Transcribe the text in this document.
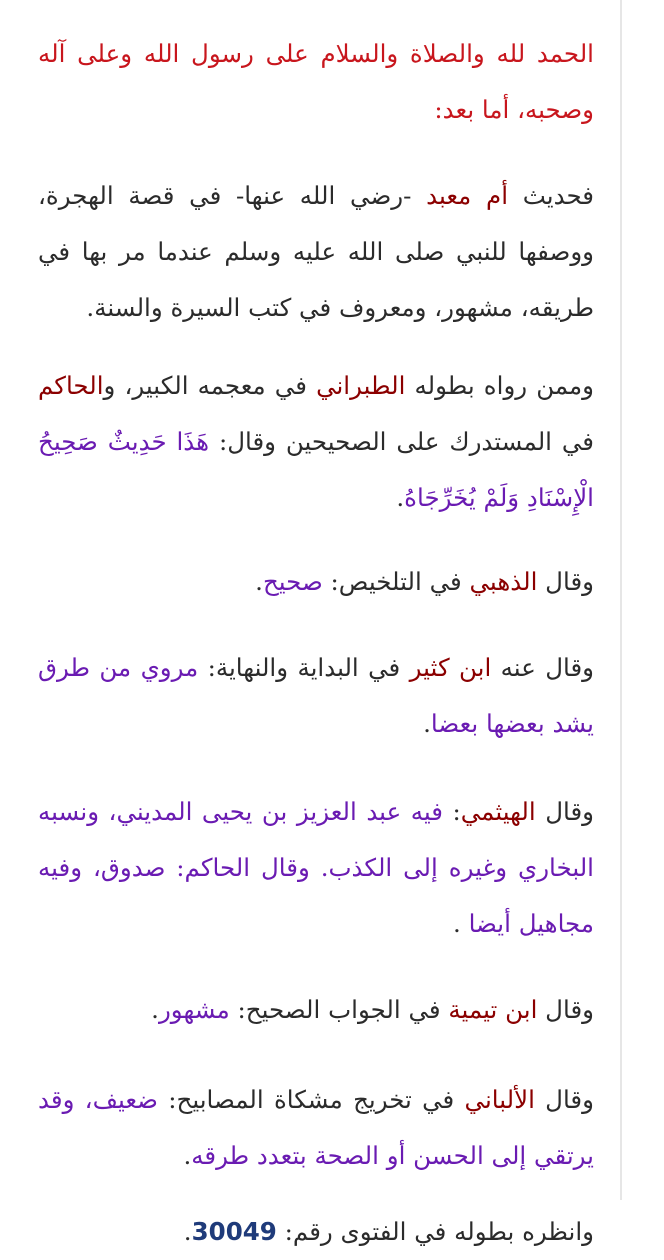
الحمد لله والصلاة والسلام على رسول الله وعلى آله وصحبه، أما بعد:

فحديث أم معبد -رضي الله عنها- في قصة الهجرة، ووصفها للنبي صلى الله عليه وسلم عندما مر بها في طريقه، مشهور، ومعروف في كتب السيرة والسنة.

وممن رواه بطوله الطبراني في معجمه الكبير، والحاكم في المستدرك على الصحيحين وقال: هَذَا حَدِيثٌ صَحِيحُ الْإِسْنَادِ وَلَمْ يُخَرِّجَاهُ.

وقال الذهبي في التلخيص: صحيح.

وقال عنه ابن كثير في البداية والنهاية: مروي من طرق يشد بعضها بعضا.

وقال الهيثمي: فيه عبد العزيز بن يحيى المديني، ونسبه البخاري وغيره إلى الكذب. وقال الحاكم: صدوق، وفيه مجاهيل أيضا .

وقال ابن تيمية في الجواب الصحيح: مشهور.

وقال الألباني في تخريج مشكاة المصابيح: ضعيف، وقد يرتقي إلى الحسن أو الصحة بتعدد طرقه.

وانظره بطوله في الفتوى رقم: 30049.
